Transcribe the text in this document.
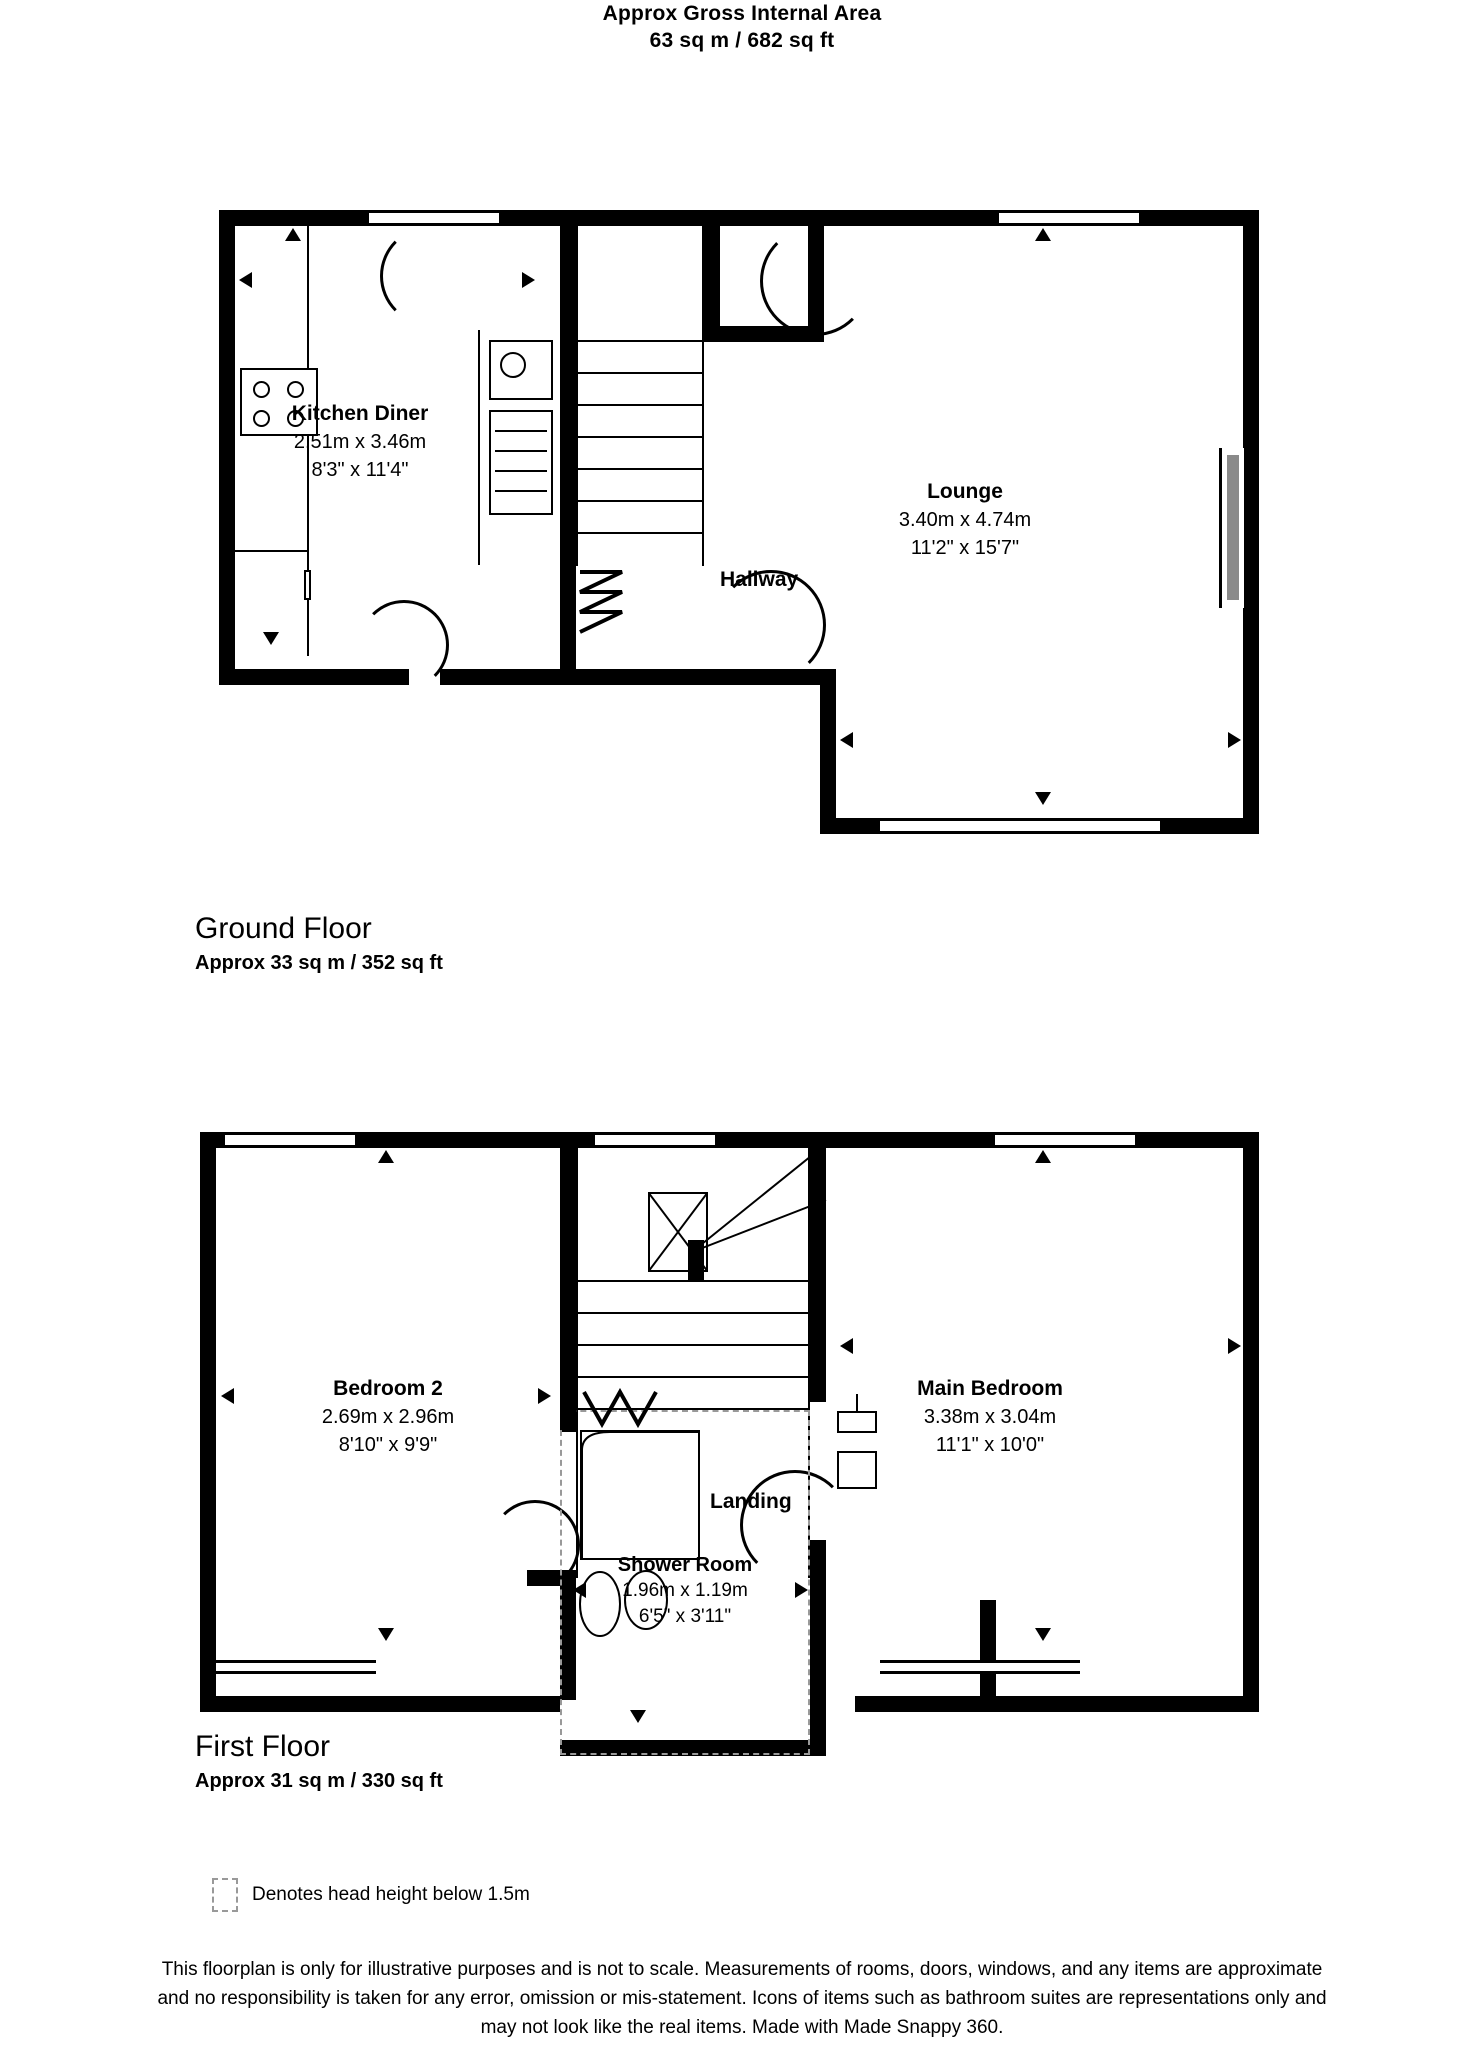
Approx Gross Internal Area
63 sq m / 682 sq ft
Kitchen Diner
2.51m x 3.46m
8'3" x 11'4"
Lounge
3.40m x 4.74m
11'2" x 15'7"
Hallway
Ground Floor
Approx 33 sq m / 352 sq ft
Bedroom 2
2.69m x 2.96m
8'10" x 9'9"
Main Bedroom
3.38m x 3.04m
11'1" x 10'0"
Shower Room
1.96m x 1.19m
6'5" x 3'11"
Landing
First Floor
Approx 31 sq m / 330 sq ft
Denotes head height below 1.5m
This floorplan is only for illustrative purposes and is not to scale. Measurements of rooms, doors, windows, and any items are approximate
and no responsibility is taken for any error, omission or mis-statement. Icons of items such as bathroom suites are representations only and
may not look like the real items. Made with Made Snappy 360.
